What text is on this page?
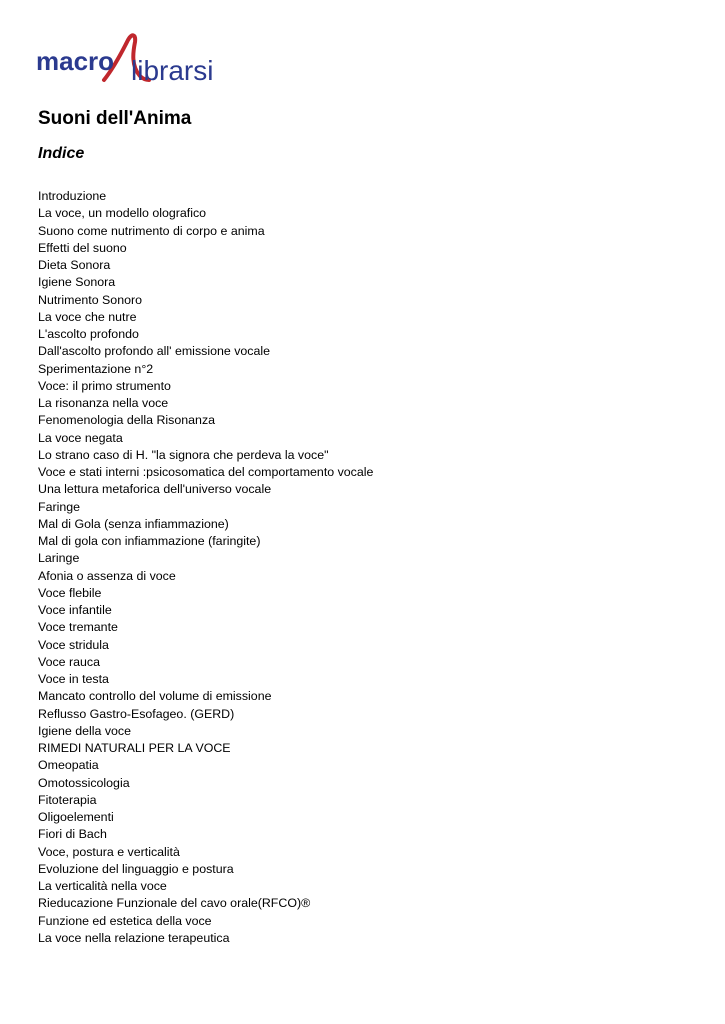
macro librarsi
Suoni dell'Anima
Indice
Introduzione
La voce, un modello olografico
Suono come nutrimento di corpo e anima
Effetti del suono
Dieta Sonora
Igiene Sonora
Nutrimento Sonoro
La voce che nutre
L'ascolto profondo
Dall'ascolto profondo all' emissione vocale
Sperimentazione n°2
Voce: il primo strumento
La risonanza nella voce
Fenomenologia della Risonanza
La voce negata
Lo strano caso di H. "la signora che perdeva la voce"
Voce e stati interni :psicosomatica del comportamento vocale
Una lettura metaforica dell'universo vocale
Faringe
Mal di Gola (senza infiammazione)
Mal di gola con infiammazione (faringite)
Laringe
Afonia o assenza di voce
Voce flebile
Voce infantile
Voce tremante
Voce stridula
Voce rauca
Voce in testa
Mancato controllo del volume di emissione
Reflusso Gastro-Esofageo. (GERD)
Igiene della voce
RIMEDI NATURALI PER LA VOCE
Omeopatia
Omotossicologia
Fitoterapia
Oligoelementi
Fiori di Bach
Voce, postura e verticalità
Evoluzione del linguaggio e postura
La verticalità nella voce
Rieducazione Funzionale del cavo orale(RFCO)®
Funzione ed estetica della voce
La voce nella relazione terapeutica
